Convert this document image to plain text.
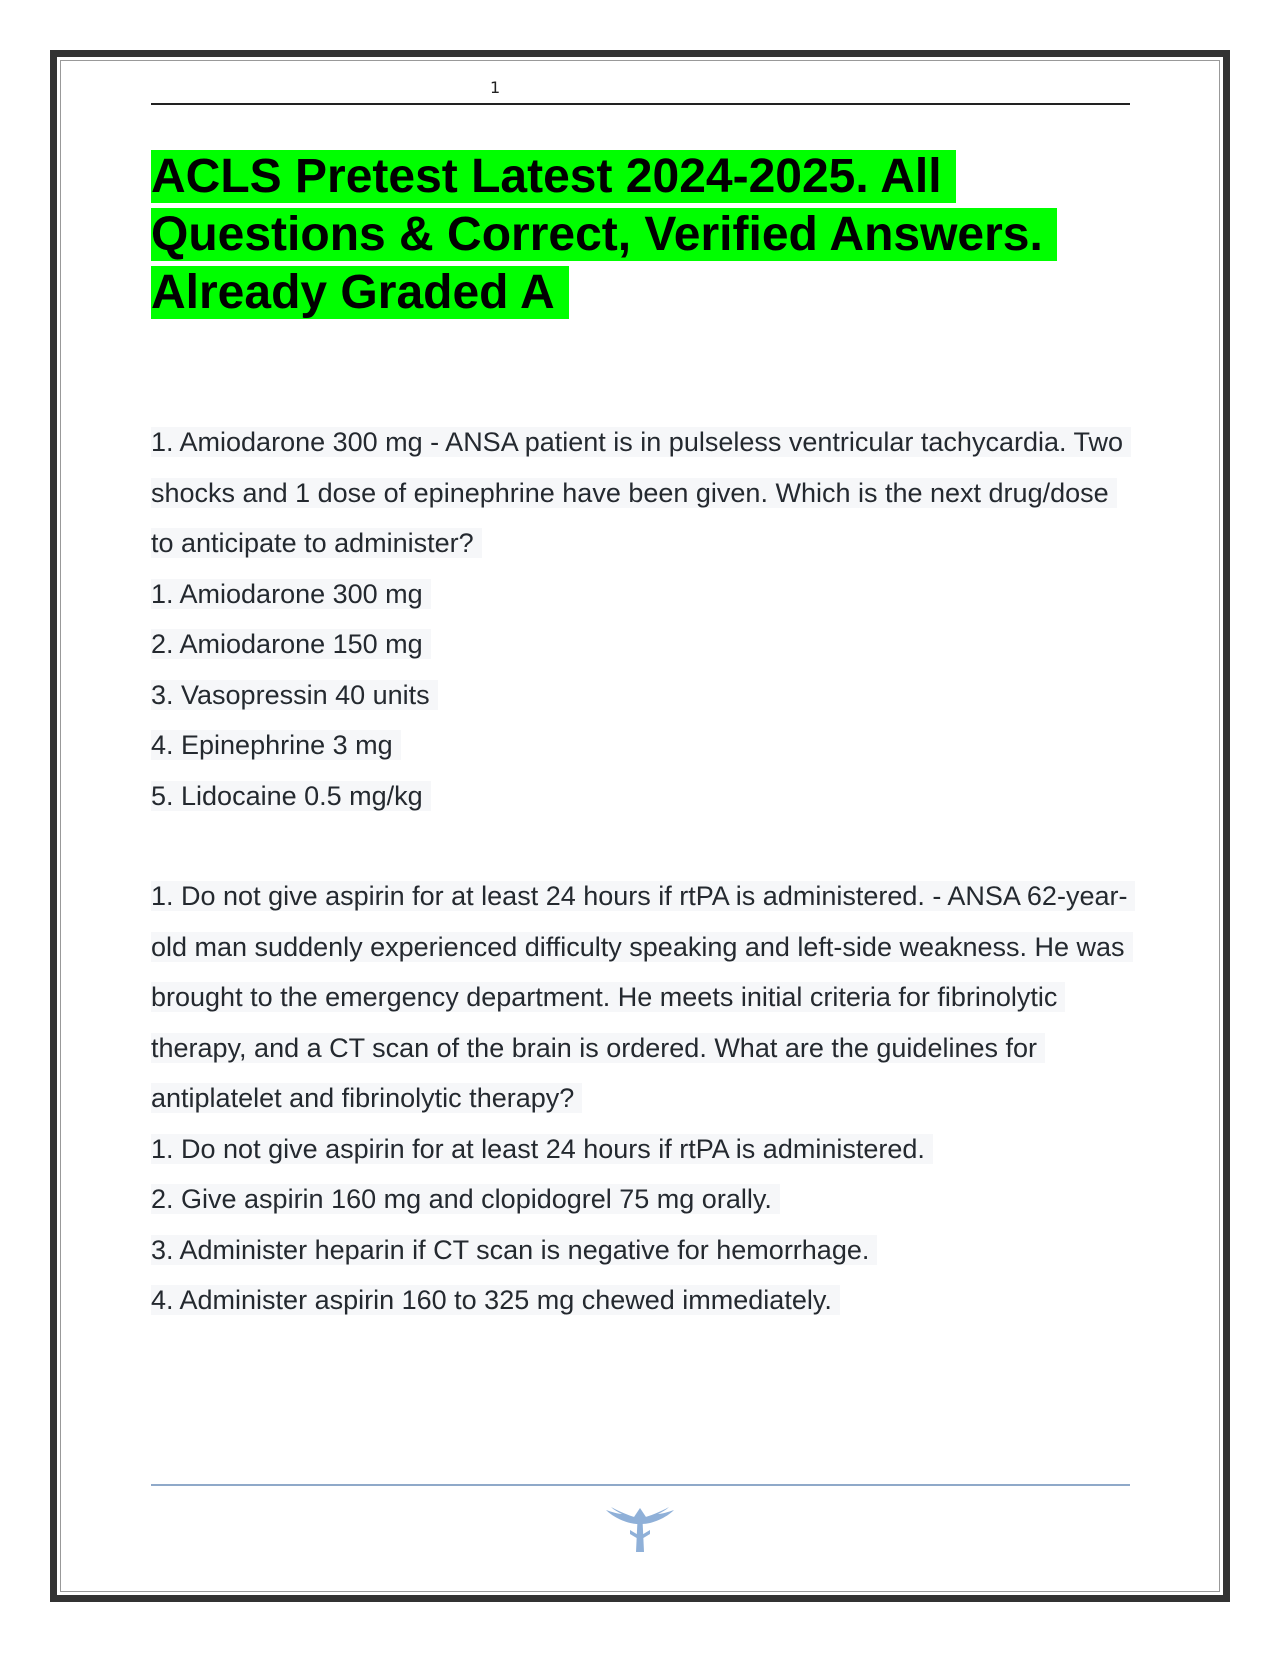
1
ACLS Pretest Latest 2024-2025. All Questions & Correct, Verified Answers. Already Graded A

1. Amiodarone 300 mg - ANSA patient is in pulseless ventricular tachycardia. Two shocks and 1 dose of epinephrine have been given. Which is the next drug/dose to anticipate to administer?

1. Amiodarone 300 mg

2. Amiodarone 150 mg

3. Vasopressin 40 units

4. Epinephrine 3 mg

5. Lidocaine 0.5 mg/kg

1. Do not give aspirin for at least 24 hours if rtPA is administered. - ANSA 62-year-old man suddenly experienced difficulty speaking and left-side weakness. He was brought to the emergency department. He meets initial criteria for fibrinolytic therapy, and a CT scan of the brain is ordered. What are the guidelines for antiplatelet and fibrinolytic therapy?

1. Do not give aspirin for at least 24 hours if rtPA is administered.

2. Give aspirin 160 mg and clopidogrel 75 mg orally.

3. Administer heparin if CT scan is negative for hemorrhage.

4. Administer aspirin 160 to 325 mg chewed immediately.
